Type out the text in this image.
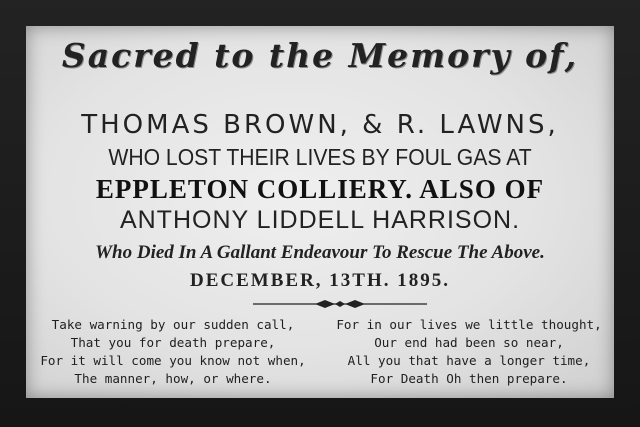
Sacred to the Memory of,
THOMAS BROWN, & R. LAWNS,
WHO LOST THEIR LIVES BY FOUL GAS AT
EPPLETON COLLIERY. ALSO OF
ANTHONY LIDDELL HARRISON.
Who Died In A Gallant Endeavour To Rescue The Above.
DECEMBER, 13TH. 1895.
Take warning by our sudden call,
That you for death prepare,
For it will come you know not when,
The manner, how, or where.
For in our lives we little thought,
Our end had been so near,
All you that have a longer time,
For Death Oh then prepare.
